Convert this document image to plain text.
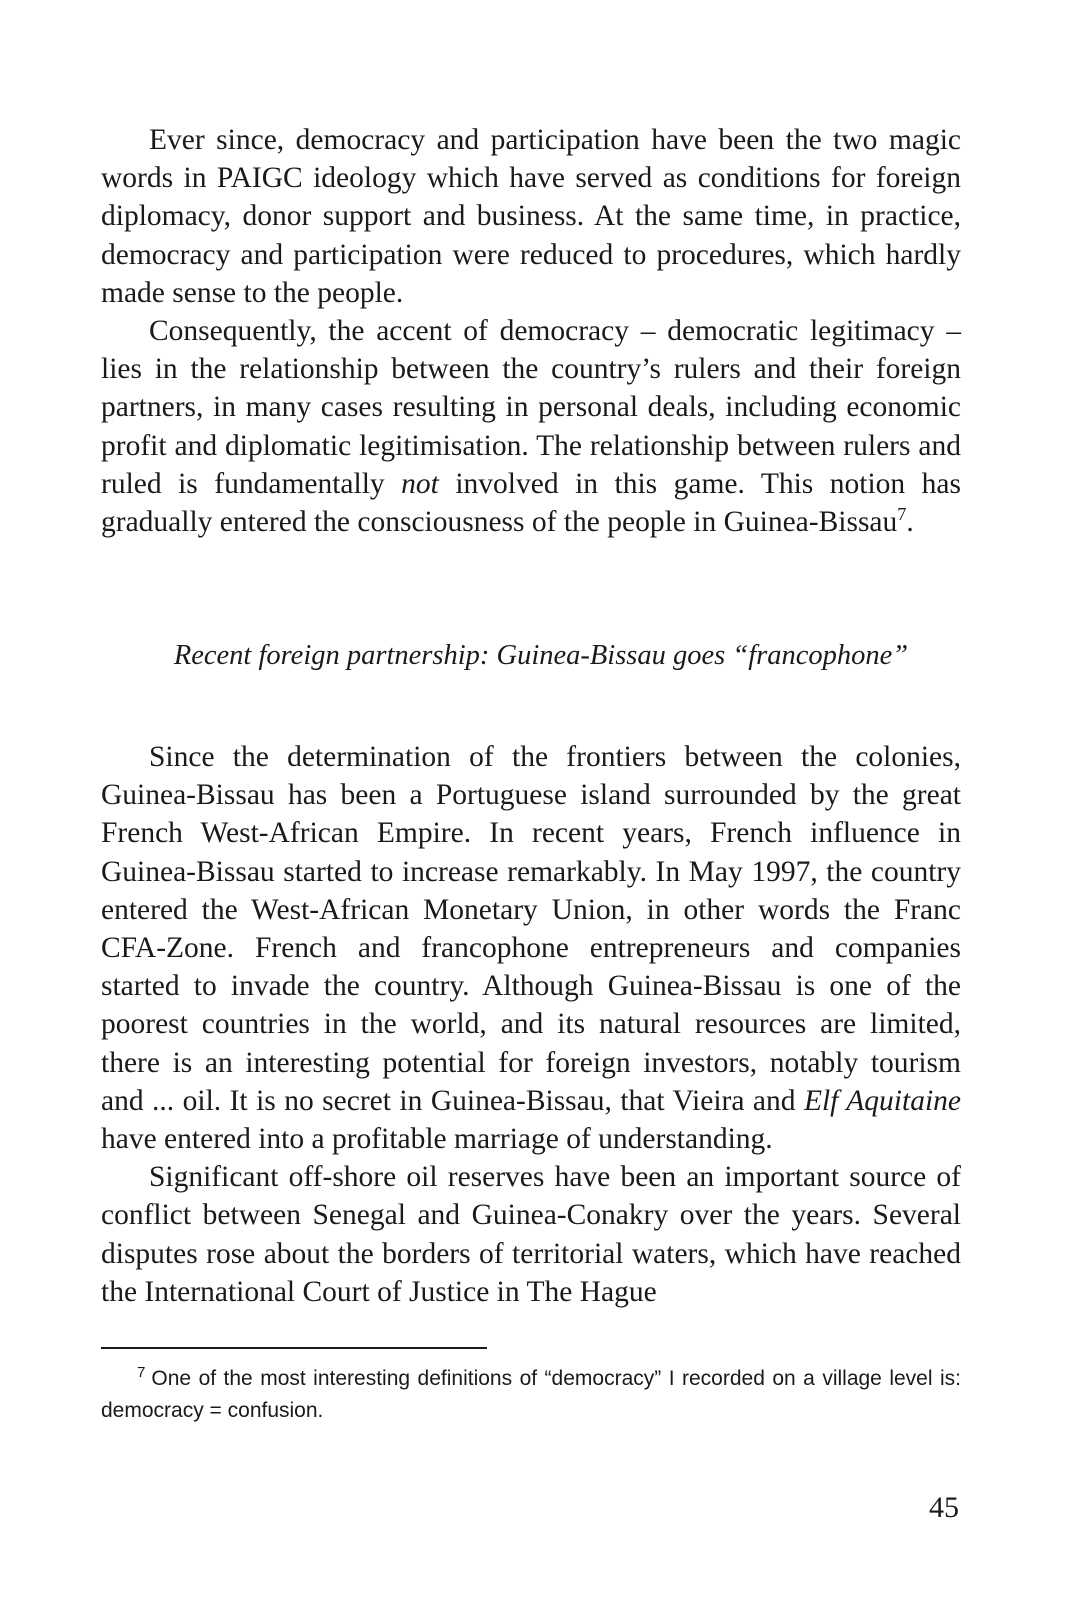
Ever since, democracy and participation have been the two magic words in PAIGC ideology which have served as conditions for foreign diplomacy, donor support and business. At the same time, in practice, democracy and participation were reduced to procedures, which hardly made sense to the people.

Consequently, the accent of democracy – democratic legitimacy – lies in the relationship between the country’s rulers and their foreign partners, in many cases resulting in personal deals, including economic profit and diplomatic legitimisation. The relationship between rulers and ruled is fundamentally not involved in this game. This notion has gradually entered the consciousness of the people in Guinea-Bissau$^7$.

Recent foreign partnership: Guinea-Bissau goes “francophone”

Since the determination of the frontiers between the colonies, Guinea-Bissau has been a Portuguese island surrounded by the great French West-African Empire. In recent years, French influence in Guinea-Bissau started to increase remarkably. In May 1997, the country entered the West-African Monetary Union, in other words the Franc CFA-Zone. French and francophone entrepreneurs and companies started to invade the country. Although Guinea-Bissau is one of the poorest countries in the world, and its natural resources are limited, there is an interesting potential for foreign investors, notably tourism and ... oil. It is no secret in Guinea-Bissau, that Vieira and Elf Aquitaine have entered into a profitable marriage of understanding.

Significant off-shore oil reserves have been an important source of conflict between Senegal and Guinea-Conakry over the years. Several disputes rose about the borders of territorial waters, which have reached the International Court of Justice in The Hague

$^7$ One of the most interesting definitions of “democracy” I recorded on a village level is: democracy = confusion.
45
